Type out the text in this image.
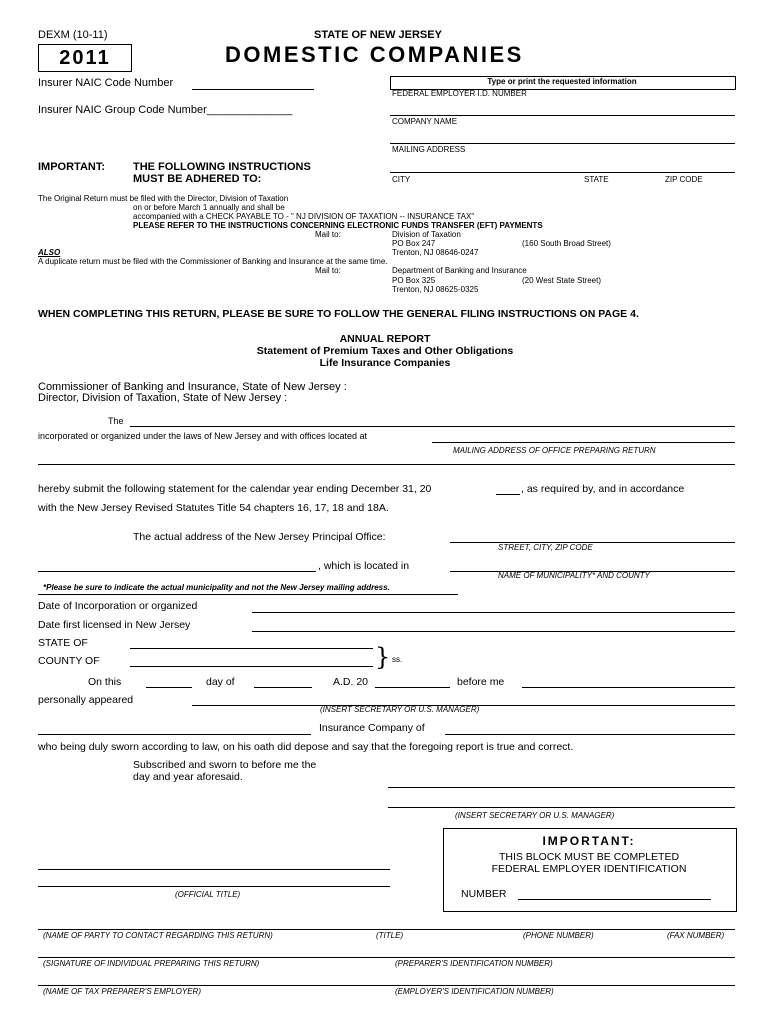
DEXM (10-11)	STATE OF NEW JERSEY
2011	DOMESTIC COMPANIES
Insurer NAIC Code Number
Insurer NAIC Group Code Number______________
Type or print the requested information
FEDERAL EMPLOYER I.D. NUMBER
COMPANY NAME
MAILING ADDRESS
CITY	STATE	ZIP CODE
IMPORTANT:	THE FOLLOWING INSTRUCTIONS
MUST BE ADHERED TO:
The Original Return must be filed with the Director, Division of Taxation
on or before March 1 annually and shall be
accompanied with a CHECK PAYABLE TO - " NJ DIVISION OF TAXATION -- INSURANCE TAX"
PLEASE REFER TO THE INSTRUCTIONS CONCERNING ELECTRONIC FUNDS TRANSFER (EFT) PAYMENTS
Mail to:	Division of Taxation
PO Box 247	(160 South Broad Street)
ALSO	Trenton, NJ 08646-0247
A duplicate return must be filed with the Commissioner of Banking and Insurance at the same time.
Mail to:	Department of Banking and Insurance
PO Box 325	(20 West State Street)
Trenton, NJ 08625-0325
WHEN COMPLETING THIS RETURN, PLEASE BE SURE TO FOLLOW THE GENERAL FILING INSTRUCTIONS ON PAGE 4.
ANNUAL REPORT
Statement of Premium Taxes and Other Obligations
Life Insurance Companies
Commissioner of Banking and Insurance, State of New Jersey :
Director, Division of Taxation, State of New Jersey :
The
incorporated or organized under the laws of New Jersey and with offices located at
MAILING ADDRESS OF OFFICE PREPARING RETURN
hereby submit the following statement for the calendar year ending December 31, 20	, as required by, and in accordance
with the New Jersey Revised Statutes Title 54 chapters 16, 17, 18 and 18A.
The actual address of the New Jersey Principal Office:
STREET, CITY, ZIP CODE
, which is located in
NAME OF MUNICIPALITY* AND COUNTY
*Please be sure to indicate the actual municipality and not the New Jersey mailing address.
Date of Incorporation or organized
Date first licensed in New Jersey
STATE OF
COUNTY OF	} ss.
On this	day of	A.D. 20	before me
personally appeared
(INSERT SECRETARY OR U.S. MANAGER)
Insurance Company of
who being duly sworn according to law, on his oath did depose and say that the foregoing report is true and correct.
Subscribed and sworn to before me the
day and year aforesaid.
(INSERT SECRETARY OR U.S. MANAGER)
IMPORTANT:
THIS BLOCK MUST BE COMPLETED
FEDERAL EMPLOYER IDENTIFICATION
NUMBER
(OFFICIAL TITLE)
(NAME OF PARTY TO CONTACT REGARDING THIS RETURN)	(TITLE)	(PHONE NUMBER)	(FAX NUMBER)
(SIGNATURE OF INDIVIDUAL PREPARING THIS RETURN)	(PREPARER'S IDENTIFICATION NUMBER)
(NAME OF TAX PREPARER'S EMPLOYER)	(EMPLOYER'S IDENTIFICATION NUMBER)
